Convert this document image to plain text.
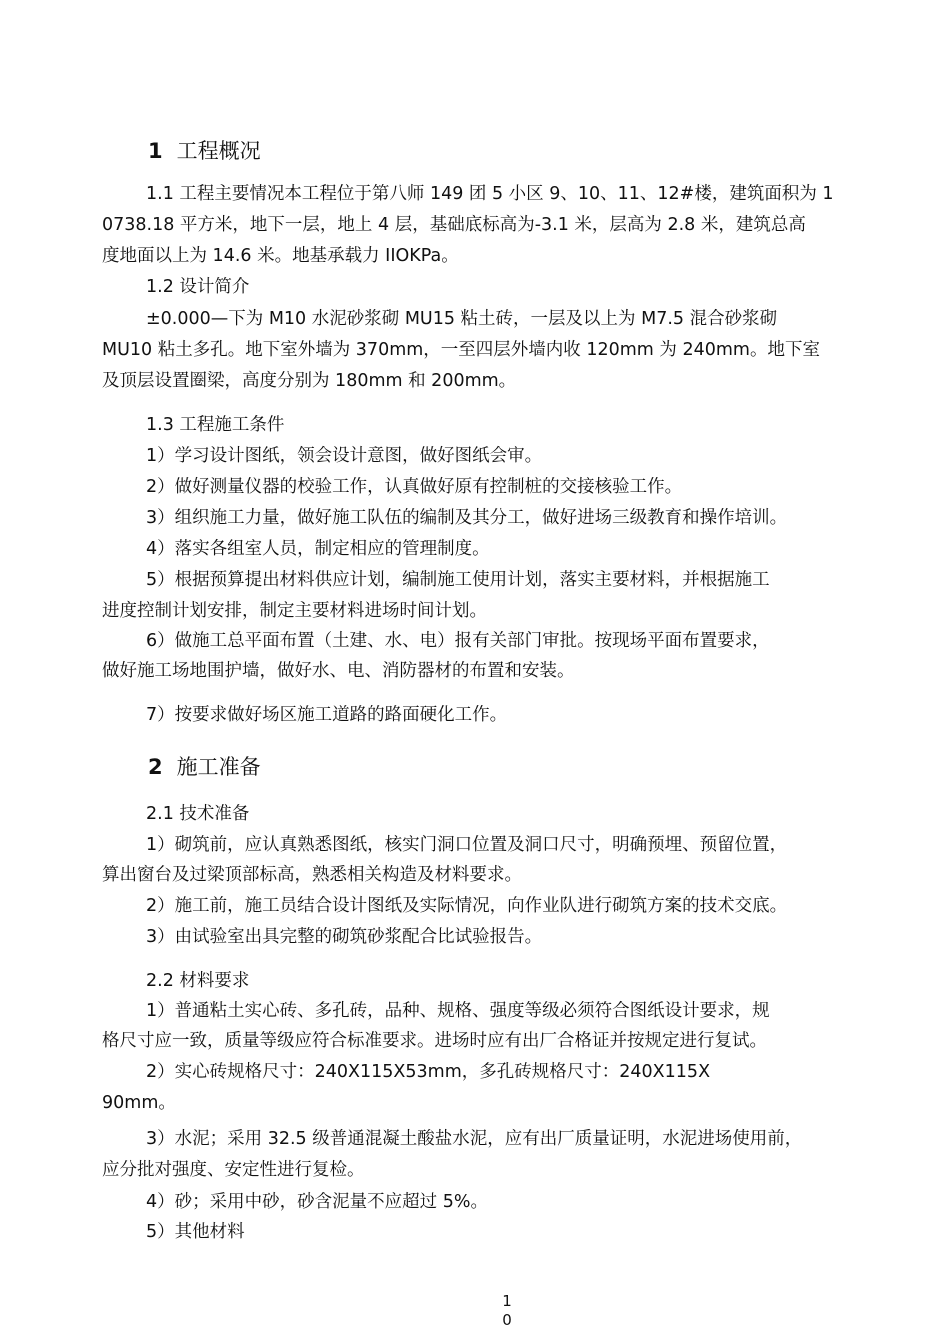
1 工程概况
1.1 工程主要情况本工程位于第八师 149 团 5 小区 9、10、11、12#楼，建筑面积为 1
0738.18 平方米，地下一层，地上 4 层，基础底标高为-3.1 米，层高为 2.8 米，建筑总高
度地面以上为 14.6 米。地基承载力 IIOKPa。
1.2 设计简介
±0.000—下为 M10 水泥砂浆砌 MU15 粘土砖，一层及以上为 M7.5 混合砂浆砌
MU10 粘土多孔。地下室外墙为 370mm，一至四层外墙内收 120mm 为 240mm。地下室
及顶层设置圈梁，高度分别为 180mm 和 200mm。
1.3 工程施工条件
1）学习设计图纸，领会设计意图，做好图纸会审。
2）做好测量仪器的校验工作，认真做好原有控制桩的交接核验工作。
3）组织施工力量，做好施工队伍的编制及其分工，做好进场三级教育和操作培训。
4）落实各组室人员，制定相应的管理制度。
5）根据预算提出材料供应计划，编制施工使用计划，落实主要材料，并根据施工
进度控制计划安排，制定主要材料进场时间计划。
6）做施工总平面布置（土建、水、电）报有关部门审批。按现场平面布置要求，
做好施工场地围护墙，做好水、电、消防器材的布置和安装。
7）按要求做好场区施工道路的路面硬化工作。
2 施工准备
2.1 技术准备
1）砌筑前，应认真熟悉图纸，核实门洞口位置及洞口尺寸，明确预埋、预留位置，
算出窗台及过梁顶部标高，熟悉相关构造及材料要求。
2）施工前，施工员结合设计图纸及实际情况，向作业队进行砌筑方案的技术交底。
3）由试验室出具完整的砌筑砂浆配合比试验报告。
2.2 材料要求
1）普通粘土实心砖、多孔砖，品种、规格、强度等级必须符合图纸设计要求，规
格尺寸应一致，质量等级应符合标准要求。进场时应有出厂合格证并按规定进行复试。
2）实心砖规格尺寸：240X115X53mm，多孔砖规格尺寸：240X115X
90mm。
3）水泥；采用 32.5 级普通混凝土酸盐水泥，应有出厂质量证明，水泥进场使用前，
应分批对强度、安定性进行复检。
4）砂；采用中砂，砂含泥量不应超过 5%。
5）其他材料
1
0
